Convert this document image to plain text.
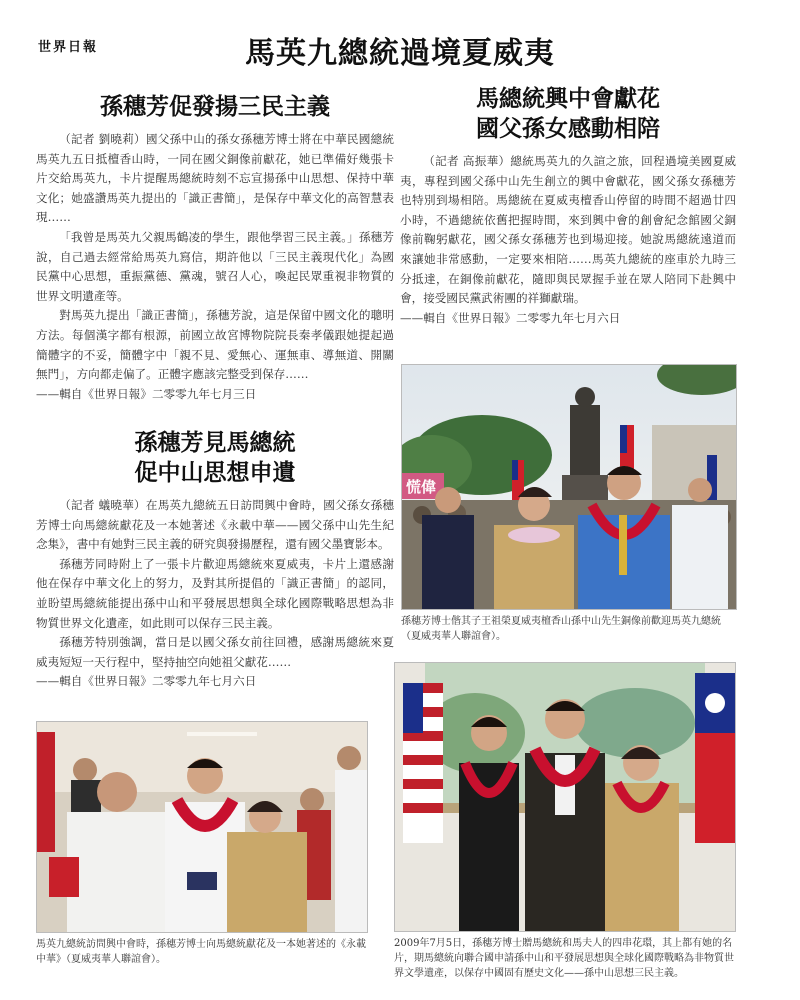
世界日報	馬英九總統過境夏威夷
孫穗芳促發揚三民主義

（記者 劉曉莉）國父孫中山的孫女孫穗芳博士將在中華民國總統馬英九五日抵檀香山時，一同在國父銅像前獻花，她已準備好幾張卡片交給馬英九，卡片提醒馬總統時刻不忘宣揚孫中山思想、保持中華文化；她盛讚馬英九提出的「識正書簡」，是保存中華文化的高智慧表現……

「我曾是馬英九父親馬鶴凌的學生，跟他學習三民主義。」孫穗芳說，自己過去經常給馬英九寫信，期許他以「三民主義現代化」為國民黨中心思想，重振黨德、黨魂，號召人心，喚起民眾重視非物質的世界文明遺產等。

對馬英九提出「識正書簡」，孫穗芳說，這是保留中國文化的聰明方法。每個漢字都有根源，前國立故宮博物院院長秦孝儀跟她提起過簡體字的不妥，簡體字中「親不見、愛無心、運無車、導無道、開關無門」，方向都走偏了。正體字應該完整受到保存……

——輯自《世界日報》二零零九年七月三日

孫穗芳見馬總統
促中山思想申遺

（記者 蟻曉華）在馬英九總統五日訪問興中會時，國父孫女孫穗芳博士向馬總統獻花及一本她著述《永載中華——國父孫中山先生紀念集》，書中有她對三民主義的研究與發揚歷程，還有國父墨寶影本。

孫穗芳同時附上了一張卡片歡迎馬總統來夏威夷，卡片上還感謝他在保存中華文化上的努力，及對其所提倡的「識正書簡」的認同，並盼望馬總統能提出孫中山和平發展思想與全球化國際戰略思想為非物質世界文化遺產，如此則可以保存三民主義。

孫穗芳特別強調，當日是以國父孫女前往回禮，感謝馬總統來夏威夷短短一天行程中，堅持抽空向她祖父獻花……

——輯自《世界日報》二零零九年七月六日

馬總統興中會獻花
國父孫女感動相陪

（記者 高振華）總統馬英九的久諠之旅，回程過境美國夏威夷，專程到國父孫中山先生創立的興中會獻花，國父孫女孫穗芳也特別到場相陪。馬總統在夏威夷檀香山停留的時間不超過廿四小時，不過總統依舊把握時間，來到興中會的創會紀念館國父銅像前鞠躬獻花，國父孫女孫穗芳也到場迎接。她說馬總統遠道而來讓她非常感動，一定要來相陪……馬英九總統的座車於九時三分抵達，在銅像前獻花，隨即與民眾握手並在眾人陪同下赴興中會，接受國民黨武術團的祥獅獻瑞。

——輯自《世界日報》二零零九年七月六日

慌偉
孫穗芳博士偕其子王祖榮夏威夷檀香山孫中山先生銅像前歡迎馬英九總統（夏威夷華人聯誼會）。
馬英九總統訪問興中會時，孫穗芳博士向馬總統獻花及一本她著述的《永載中華》（夏威夷華人聯誼會）。
2009年7月5日，孫穗芳博士贈馬總統和馬夫人的四串花環，其上都有她的名片，期馬總統向聯合國申請孫中山和平發展思想與全球化國際戰略為非物質世界文學遺產，以保存中國固有歷史文化——孫中山思想三民主義。
